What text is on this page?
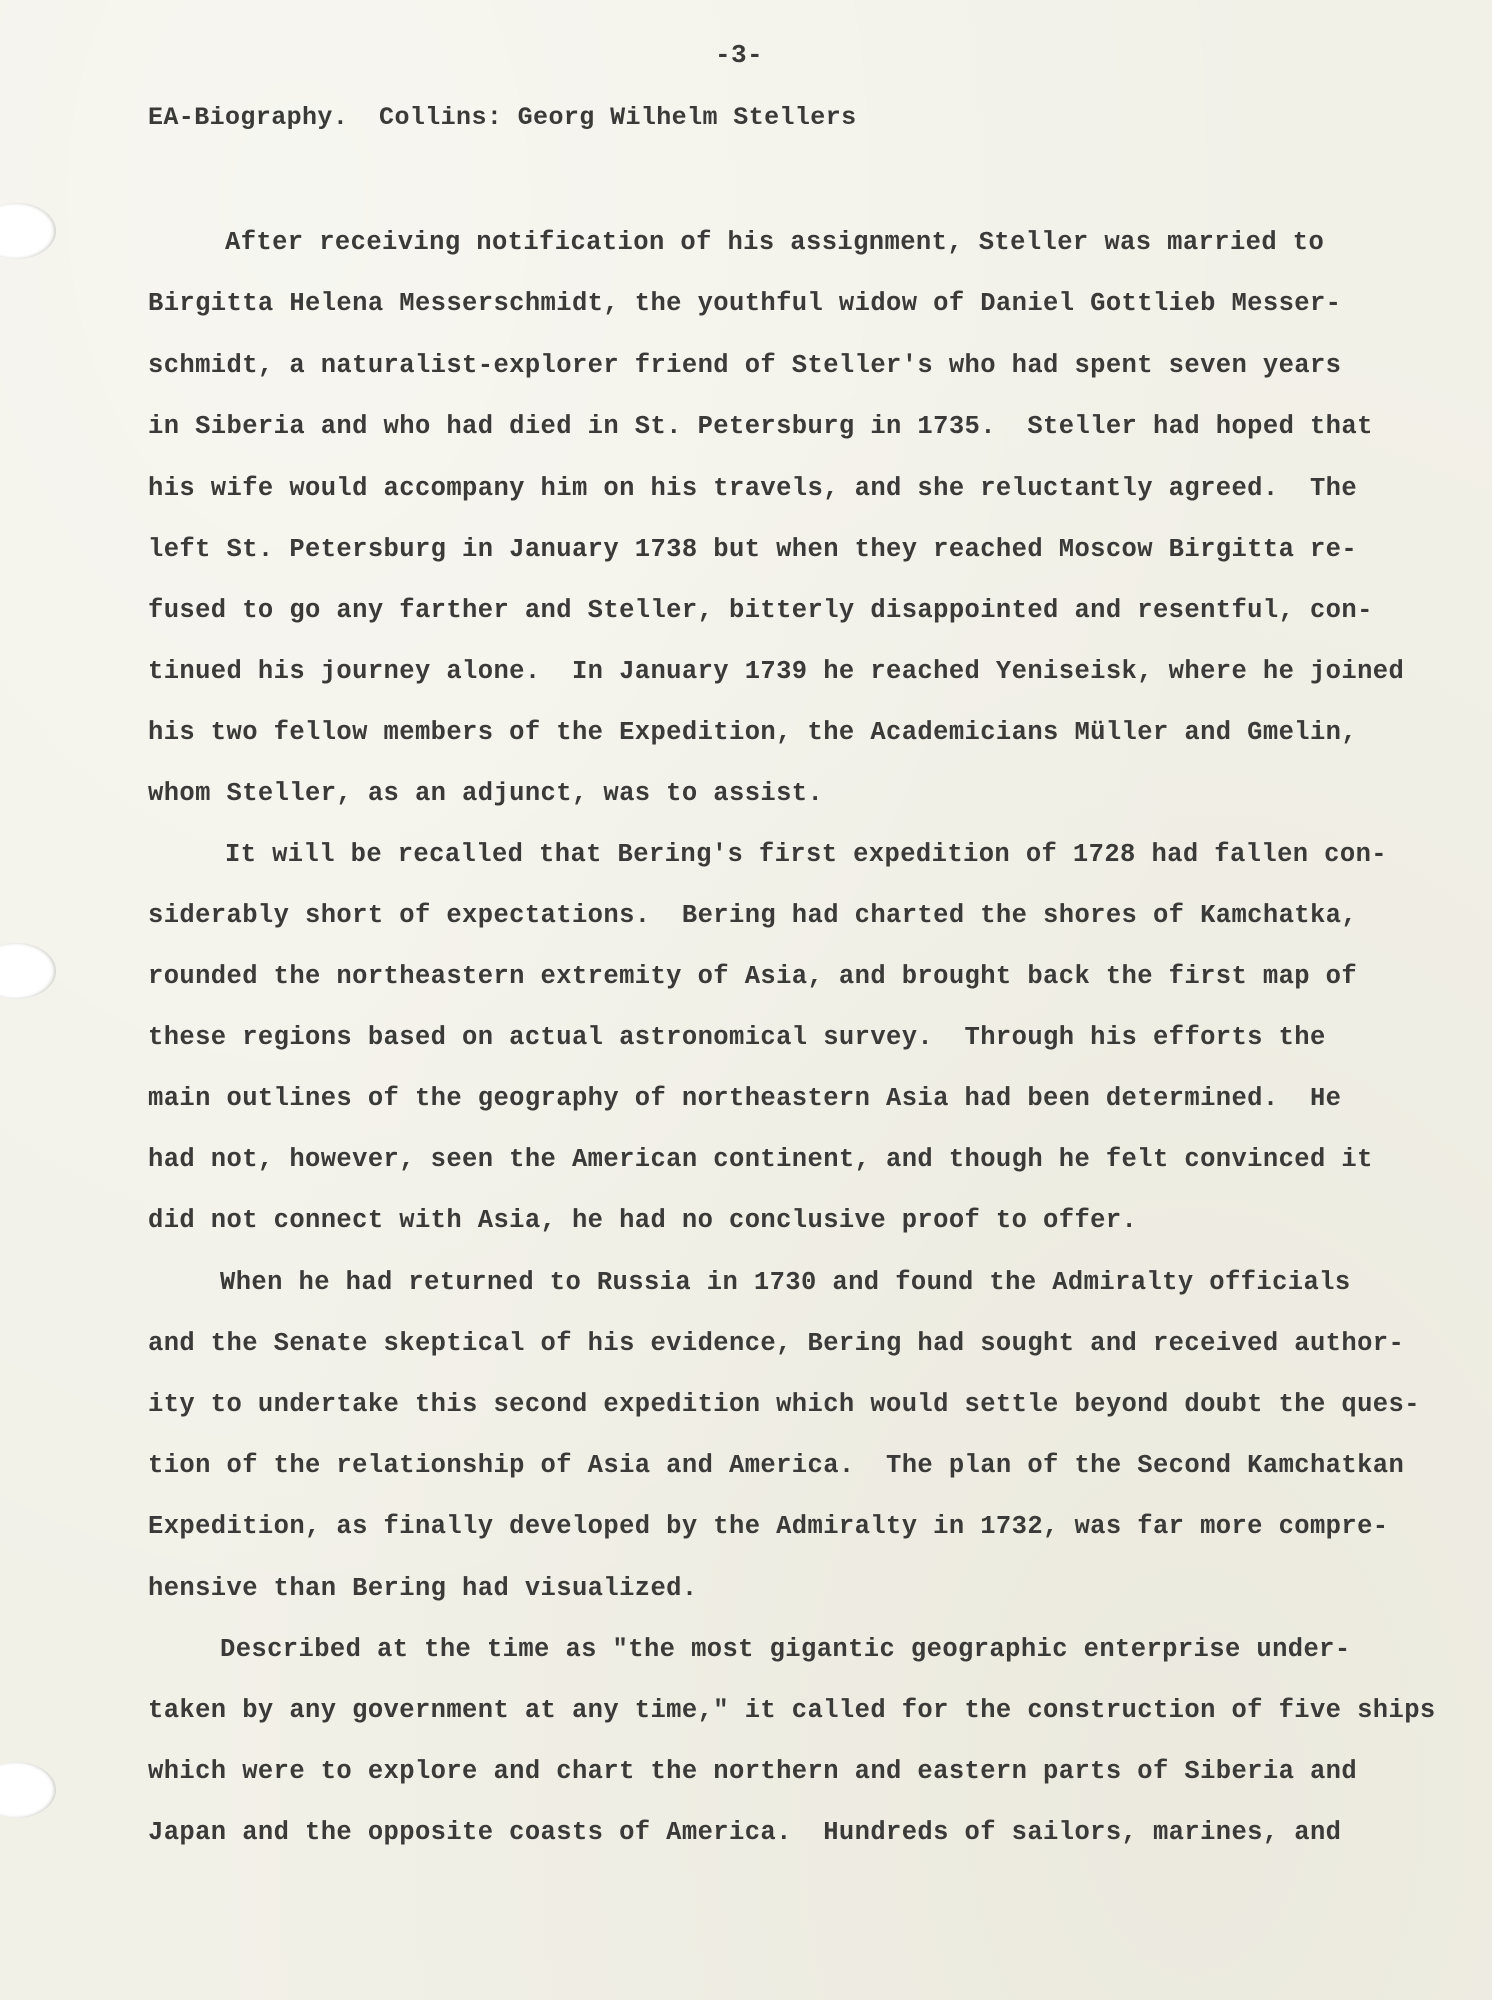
-3-
EA-Biography.  Collins: Georg Wilhelm Stellers
After receiving notification of his assignment, Steller was married to
Birgitta Helena Messerschmidt, the youthful widow of Daniel Gottlieb Messer-
schmidt, a naturalist-explorer friend of Steller's who had spent seven years
in Siberia and who had died in St. Petersburg in 1735.  Steller had hoped that
his wife would accompany him on his travels, and she reluctantly agreed.  The
left St. Petersburg in January 1738 but when they reached Moscow Birgitta re-
fused to go any farther and Steller, bitterly disappointed and resentful, con-
tinued his journey alone.  In January 1739 he reached Yeniseisk, where he joined
his two fellow members of the Expedition, the Academicians Müller and Gmelin,
whom Steller, as an adjunct, was to assist.
It will be recalled that Bering's first expedition of 1728 had fallen con-
siderably short of expectations.  Bering had charted the shores of Kamchatka,
rounded the northeastern extremity of Asia, and brought back the first map of
these regions based on actual astronomical survey.  Through his efforts the
main outlines of the geography of northeastern Asia had been determined.  He
had not, however, seen the American continent, and though he felt convinced it
did not connect with Asia, he had no conclusive proof to offer.
When he had returned to Russia in 1730 and found the Admiralty officials
and the Senate skeptical of his evidence, Bering had sought and received author-
ity to undertake this second expedition which would settle beyond doubt the ques-
tion of the relationship of Asia and America.  The plan of the Second Kamchatkan
Expedition, as finally developed by the Admiralty in 1732, was far more compre-
hensive than Bering had visualized.
Described at the time as "the most gigantic geographic enterprise under-
taken by any government at any time," it called for the construction of five ships
which were to explore and chart the northern and eastern parts of Siberia and
Japan and the opposite coasts of America.  Hundreds of sailors, marines, and
